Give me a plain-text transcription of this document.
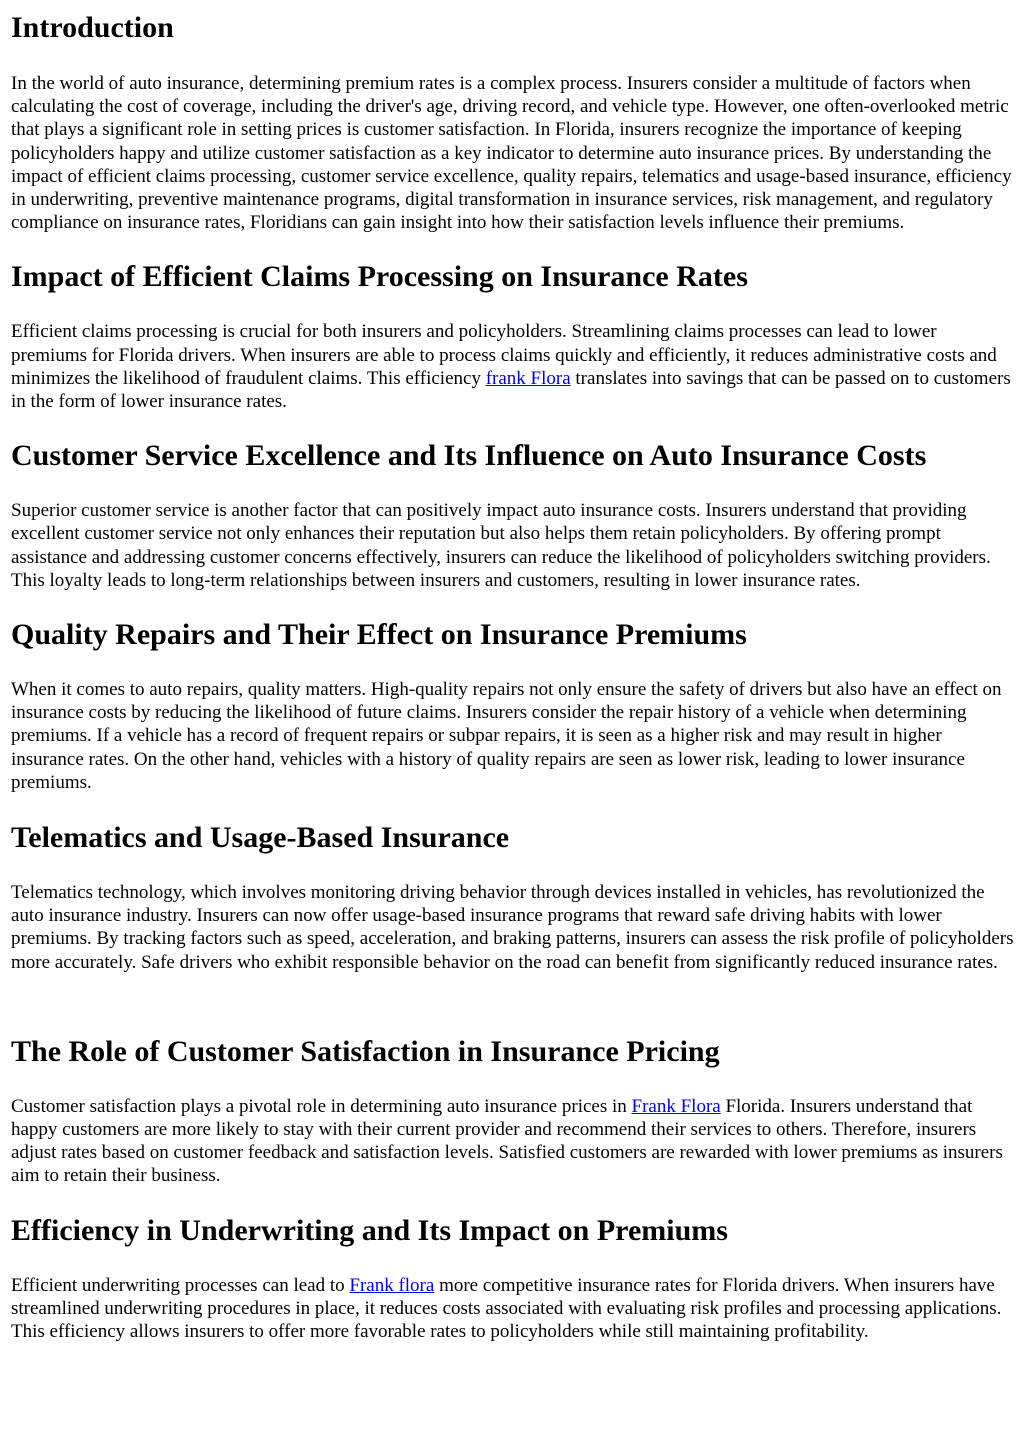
Introduction

In the world of auto insurance, determining premium rates is a complex process. Insurers consider a multitude of factors when calculating the cost of coverage, including the driver's age, driving record, and vehicle type. However, one often-overlooked metric that plays a significant role in setting prices is customer satisfaction. In Florida, insurers recognize the importance of keeping policyholders happy and utilize customer satisfaction as a key indicator to determine auto insurance prices. By understanding the impact of efficient claims processing, customer service excellence, quality repairs, telematics and usage-based insurance, efficiency in underwriting, preventive maintenance programs, digital transformation in insurance services, risk management, and regulatory compliance on insurance rates, Floridians can gain insight into how their satisfaction levels influence their premiums.

Impact of Efficient Claims Processing on Insurance Rates

Efficient claims processing is crucial for both insurers and policyholders. Streamlining claims processes can lead to lower premiums for Florida drivers. When insurers are able to process claims quickly and efficiently, it reduces administrative costs and minimizes the likelihood of fraudulent claims. This efficiency frank Flora translates into savings that can be passed on to customers in the form of lower insurance rates.

Customer Service Excellence and Its Influence on Auto Insurance Costs

Superior customer service is another factor that can positively impact auto insurance costs. Insurers understand that providing excellent customer service not only enhances their reputation but also helps them retain policyholders. By offering prompt assistance and addressing customer concerns effectively, insurers can reduce the likelihood of policyholders switching providers. This loyalty leads to long-term relationships between insurers and customers, resulting in lower insurance rates.

Quality Repairs and Their Effect on Insurance Premiums

When it comes to auto repairs, quality matters. High-quality repairs not only ensure the safety of drivers but also have an effect on insurance costs by reducing the likelihood of future claims. Insurers consider the repair history of a vehicle when determining premiums. If a vehicle has a record of frequent repairs or subpar repairs, it is seen as a higher risk and may result in higher insurance rates. On the other hand, vehicles with a history of quality repairs are seen as lower risk, leading to lower insurance premiums.

Telematics and Usage-Based Insurance

Telematics technology, which involves monitoring driving behavior through devices installed in vehicles, has revolutionized the auto insurance industry. Insurers can now offer usage-based insurance programs that reward safe driving habits with lower premiums. By tracking factors such as speed, acceleration, and braking patterns, insurers can assess the risk profile of policyholders more accurately. Safe drivers who exhibit responsible behavior on the road can benefit from significantly reduced insurance rates.

The Role of Customer Satisfaction in Insurance Pricing

Customer satisfaction plays a pivotal role in determining auto insurance prices in Frank Flora Florida. Insurers understand that happy customers are more likely to stay with their current provider and recommend their services to others. Therefore, insurers adjust rates based on customer feedback and satisfaction levels. Satisfied customers are rewarded with lower premiums as insurers aim to retain their business.

Efficiency in Underwriting and Its Impact on Premiums

Efficient underwriting processes can lead to Frank flora more competitive insurance rates for Florida drivers. When insurers have streamlined underwriting procedures in place, it reduces costs associated with evaluating risk profiles and processing applications. This efficiency allows insurers to offer more favorable rates to policyholders while still maintaining profitability.
